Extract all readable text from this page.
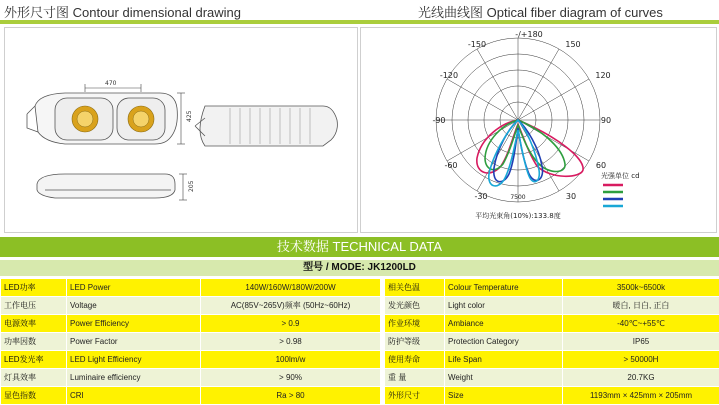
外形尺寸图 Contour dimensional drawing	光线曲线图 Optical fiber diagram of curves
470
425
205
-/+180
-150	150
-120	120
-90	90
-60	60
-30	30
7500
平均光束角(10%):133.8度
光强单位 cd
技术数据 TECHNICAL DATA
型号 / MODE: JK1200LD
LED功率	LED Power	140W/160W/180W/200W		相关色温	Colour Temperature	3500k~6500k
工作电压	Voltage	AC(85V~265V)频率 (50Hz~60Hz)		发光颜色	Light color	暖白, 日白, 正白
电源效率	Power Efficiency	> 0.9		作业环境	Ambiance	-40℃~+55℃
功率因数	Power Factor	> 0.98		防护等级	Protection Category	IP65
LED发光率	LED Light Efficiency	100lm/w		使用寿命	Life Span	> 50000H
灯具效率	Luminaire efficiency	> 90%		重 量	Weight	20.7KG
显色指数	CRI	Ra > 80		外形尺寸	Size	1193mm × 425mm × 205mm
